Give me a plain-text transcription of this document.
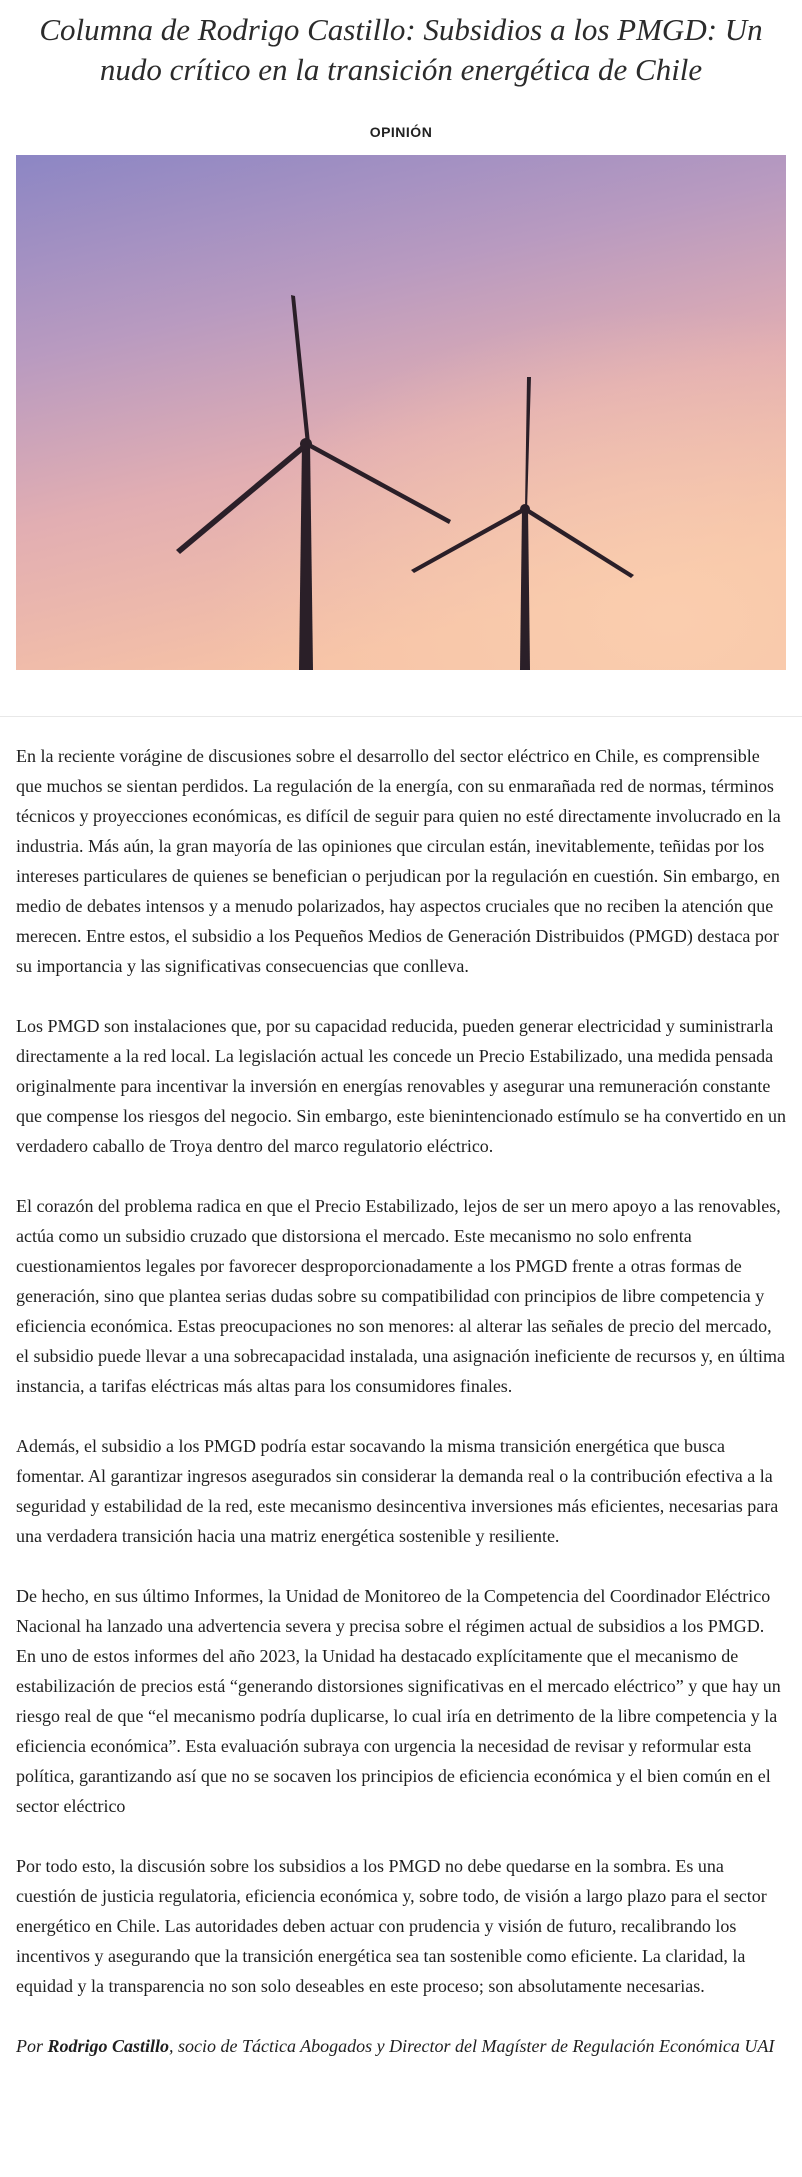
Columna de Rodrigo Castillo: Subsidios a los PMGD: Un nudo crítico en la transición energética de Chile
OPINIÓN

En la reciente vorágine de discusiones sobre el desarrollo del sector eléctrico en Chile, es comprensible que muchos se sientan perdidos. La regulación de la energía, con su enmarañada red de normas, términos técnicos y proyecciones económicas, es difícil de seguir para quien no esté directamente involucrado en la industria. Más aún, la gran mayoría de las opiniones que circulan están, inevitablemente, teñidas por los intereses particulares de quienes se benefician o perjudican por la regulación en cuestión. Sin embargo, en medio de debates intensos y a menudo polarizados, hay aspectos cruciales que no reciben la atención que merecen. Entre estos, el subsidio a los Pequeños Medios de Generación Distribuidos (PMGD) destaca por su importancia y las significativas consecuencias que conlleva.

Los PMGD son instalaciones que, por su capacidad reducida, pueden generar electricidad y suministrarla directamente a la red local. La legislación actual les concede un Precio Estabilizado, una medida pensada originalmente para incentivar la inversión en energías renovables y asegurar una remuneración constante que compense los riesgos del negocio. Sin embargo, este bienintencionado estímulo se ha convertido en un verdadero caballo de Troya dentro del marco regulatorio eléctrico.

El corazón del problema radica en que el Precio Estabilizado, lejos de ser un mero apoyo a las renovables, actúa como un subsidio cruzado que distorsiona el mercado. Este mecanismo no solo enfrenta cuestionamientos legales por favorecer desproporcionadamente a los PMGD frente a otras formas de generación, sino que plantea serias dudas sobre su compatibilidad con principios de libre competencia y eficiencia económica. Estas preocupaciones no son menores: al alterar las señales de precio del mercado, el subsidio puede llevar a una sobrecapacidad instalada, una asignación ineficiente de recursos y, en última instancia, a tarifas eléctricas más altas para los consumidores finales.

Además, el subsidio a los PMGD podría estar socavando la misma transición energética que busca fomentar. Al garantizar ingresos asegurados sin considerar la demanda real o la contribución efectiva a la seguridad y estabilidad de la red, este mecanismo desincentiva inversiones más eficientes, necesarias para una verdadera transición hacia una matriz energética sostenible y resiliente.

De hecho, en sus último Informes, la Unidad de Monitoreo de la Competencia del Coordinador Eléctrico Nacional ha lanzado una advertencia severa y precisa sobre el régimen actual de subsidios a los PMGD. En uno de estos informes del año 2023, la Unidad ha destacado explícitamente que el mecanismo de estabilización de precios está “generando distorsiones significativas en el mercado eléctrico” y que hay un riesgo real de que “el mecanismo podría duplicarse, lo cual iría en detrimento de la libre competencia y la eficiencia económica”. Esta evaluación subraya con urgencia la necesidad de revisar y reformular esta política, garantizando así que no se socaven los principios de eficiencia económica y el bien común en el sector eléctrico

Por todo esto, la discusión sobre los subsidios a los PMGD no debe quedarse en la sombra. Es una cuestión de justicia regulatoria, eficiencia económica y, sobre todo, de visión a largo plazo para el sector energético en Chile. Las autoridades deben actuar con prudencia y visión de futuro, recalibrando los incentivos y asegurando que la transición energética sea tan sostenible como eficiente. La claridad, la equidad y la transparencia no son solo deseables en este proceso; son absolutamente necesarias.

Por Rodrigo Castillo, socio de Táctica Abogados y Director del Magíster de Regulación Económica UAI
